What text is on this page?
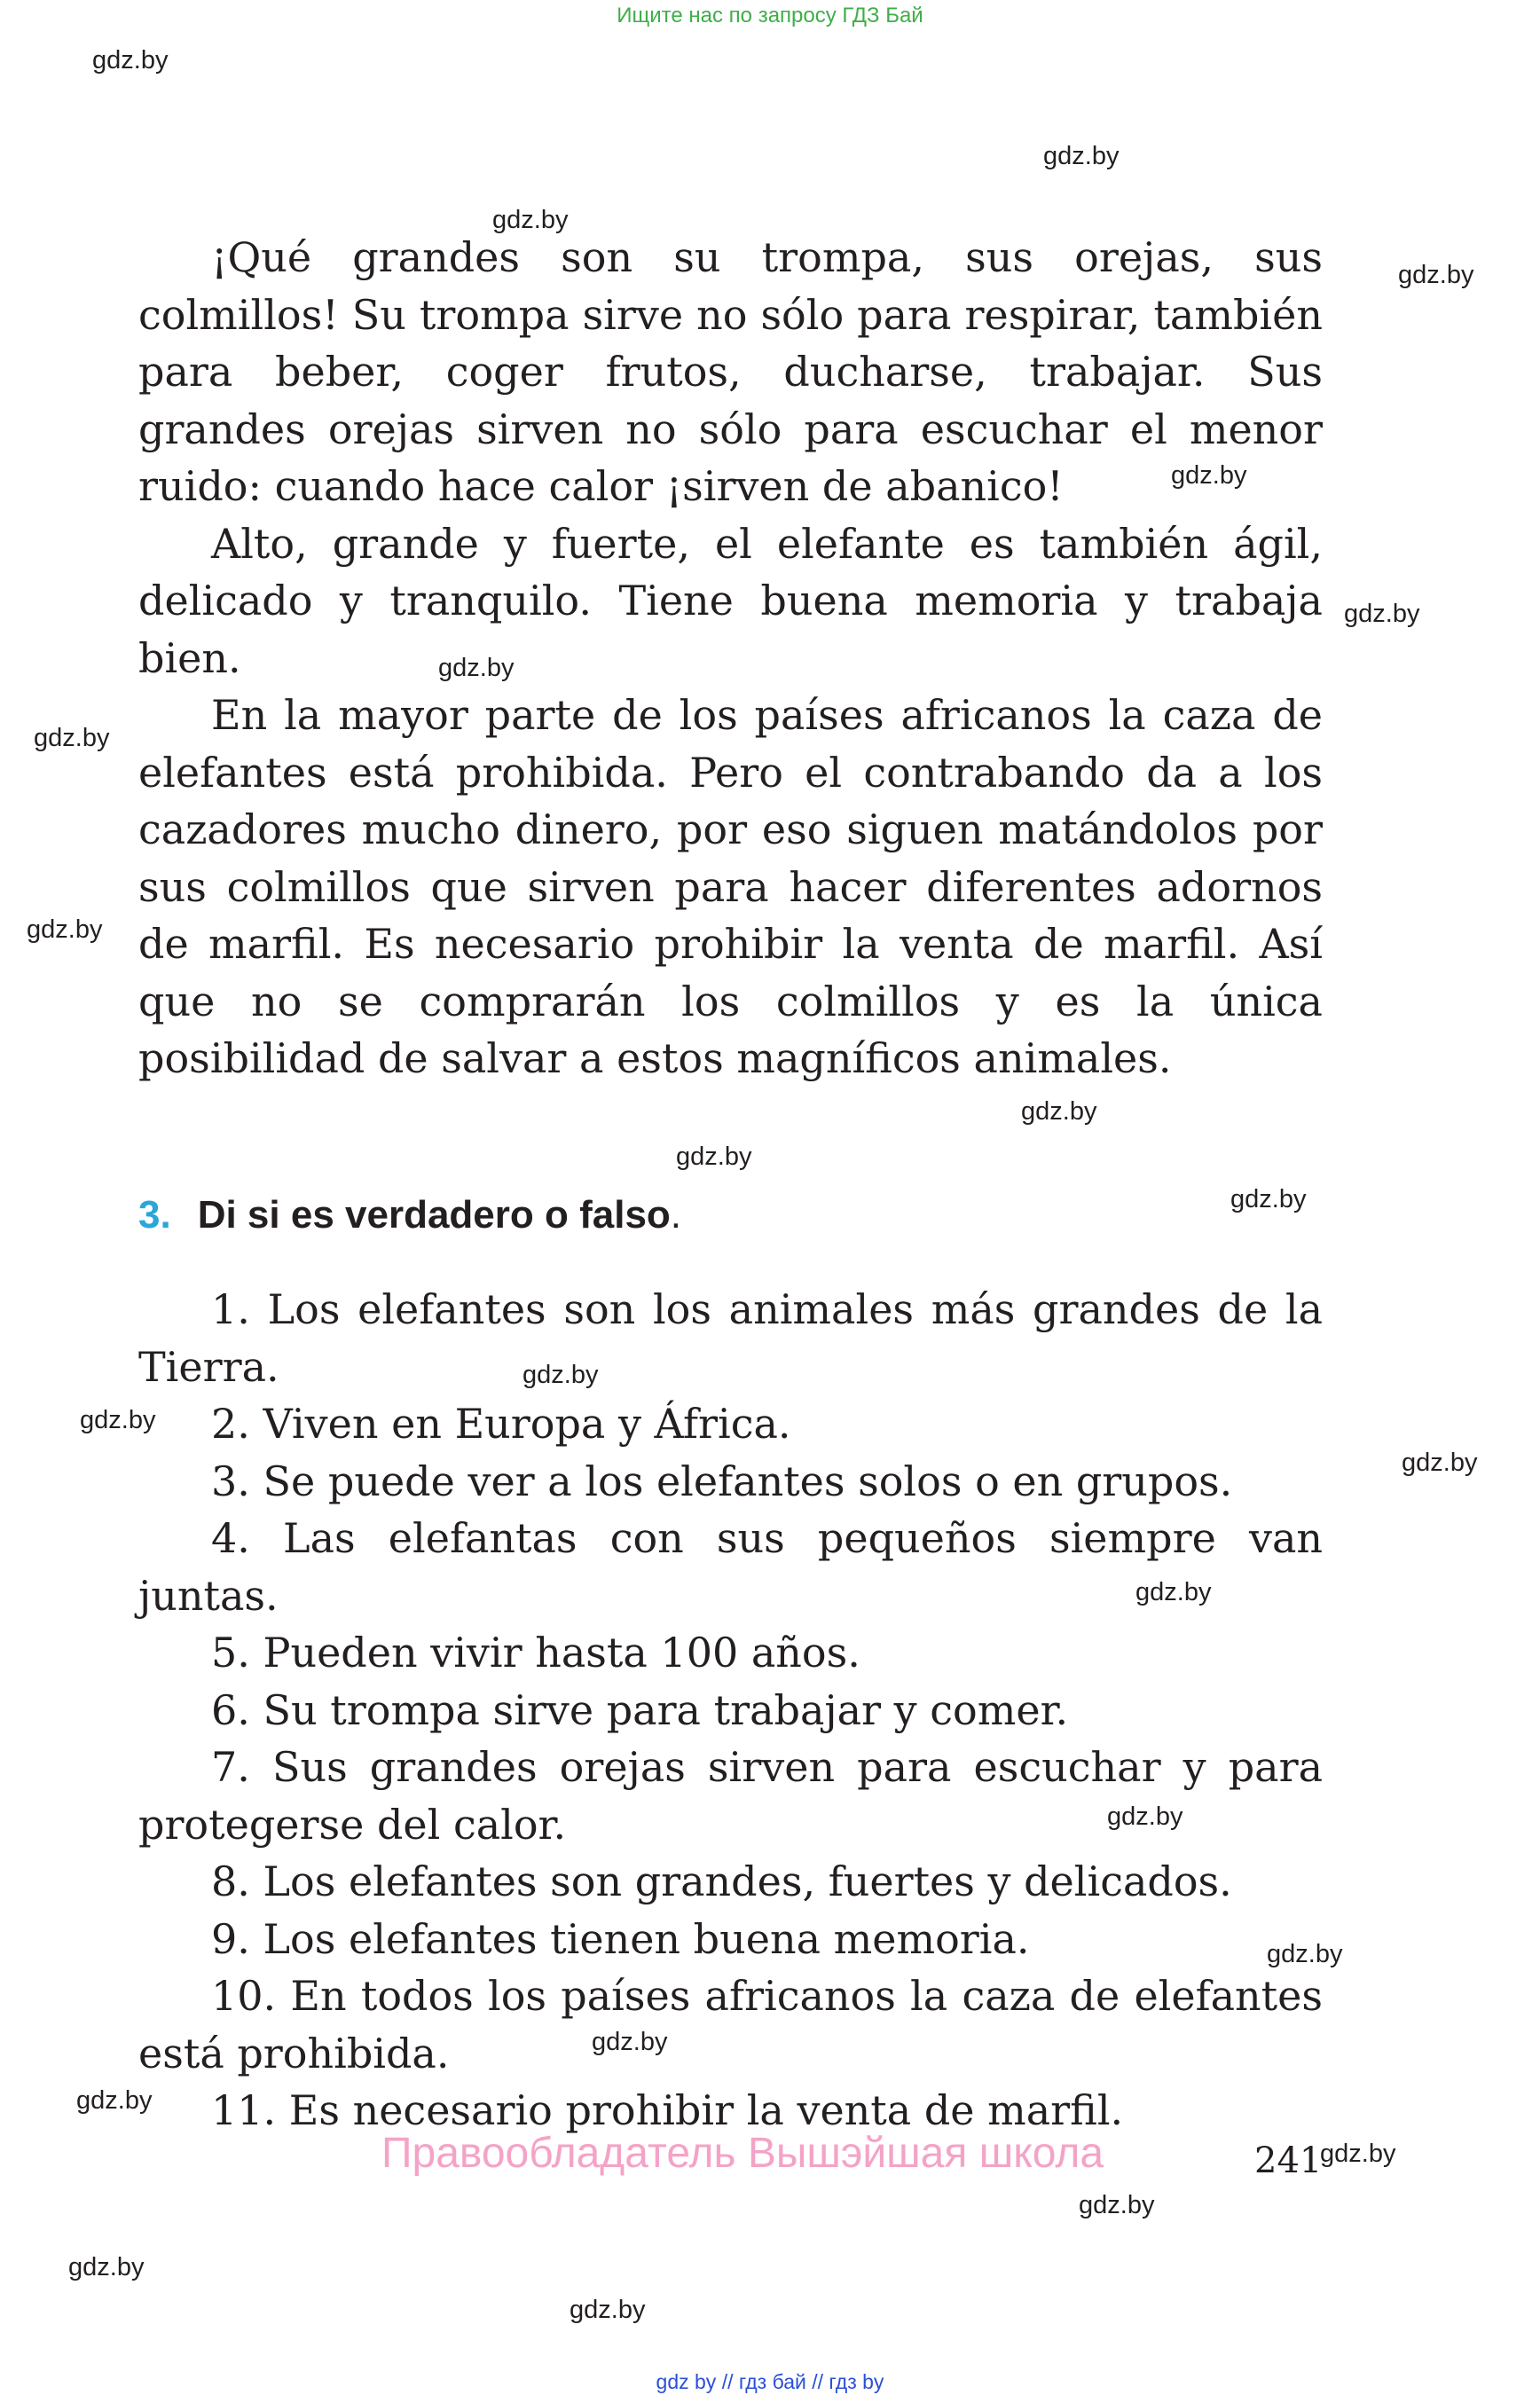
Ищите нас по запросу ГДЗ Бай

¡Qué grandes son su trompa, sus orejas, sus colmillos! Su trompa sirve no sólo para respirar, también para beber, coger frutos, ducharse, trabajar. Sus grandes orejas sirven no sólo para escuchar el menor ruido: cuando hace calor ¡sirven de abanico!

Alto, grande y fuerte, el elefante es también ágil, delicado y tranquilo. Tiene buena memoria y trabaja bien.

En la mayor parte de los países africanos la caza de elefantes está prohibida. Pero el contrabando da a los cazadores mucho dinero, por eso siguen matándolos por sus colmillos que sirven para hacer diferentes adornos de marfil. Es necesario prohibir la venta de marfil. Así que no se comprarán los colmillos y es la única posibilidad de salvar a estos magníficos animales.

3. Di si es verdadero o falso.

1. Los elefantes son los animales más grandes de la Tierra.

2. Viven en Europa y África.

3. Se puede ver a los elefantes solos o en grupos.

4. Las elefantas con sus pequeños siempre van juntas.

5. Pueden vivir hasta 100 años.

6. Su trompa sirve para trabajar y comer.

7. Sus grandes orejas sirven para escuchar y para protegerse del calor.

8. Los elefantes son grandes, fuertes y delicados.

9. Los elefantes tienen buena memoria.

10. En todos los países africanos la caza de elefantes está prohibida.

11. Es necesario prohibir la venta de marfil.

Правообладатель Вышэйшая школа	241
gdz.by
gdz.by
gdz.by
gdz.by
gdz.by
gdz.by
gdz.by
gdz.by
gdz.by
gdz.by
gdz.by
gdz.by
gdz.by
gdz.by
gdz.by
gdz.by
gdz.by
gdz.by
gdz.by
gdz.by
gdz.by
gdz.by
gdz.by
gdz.by
gdz by // гдз бай // гдз by
